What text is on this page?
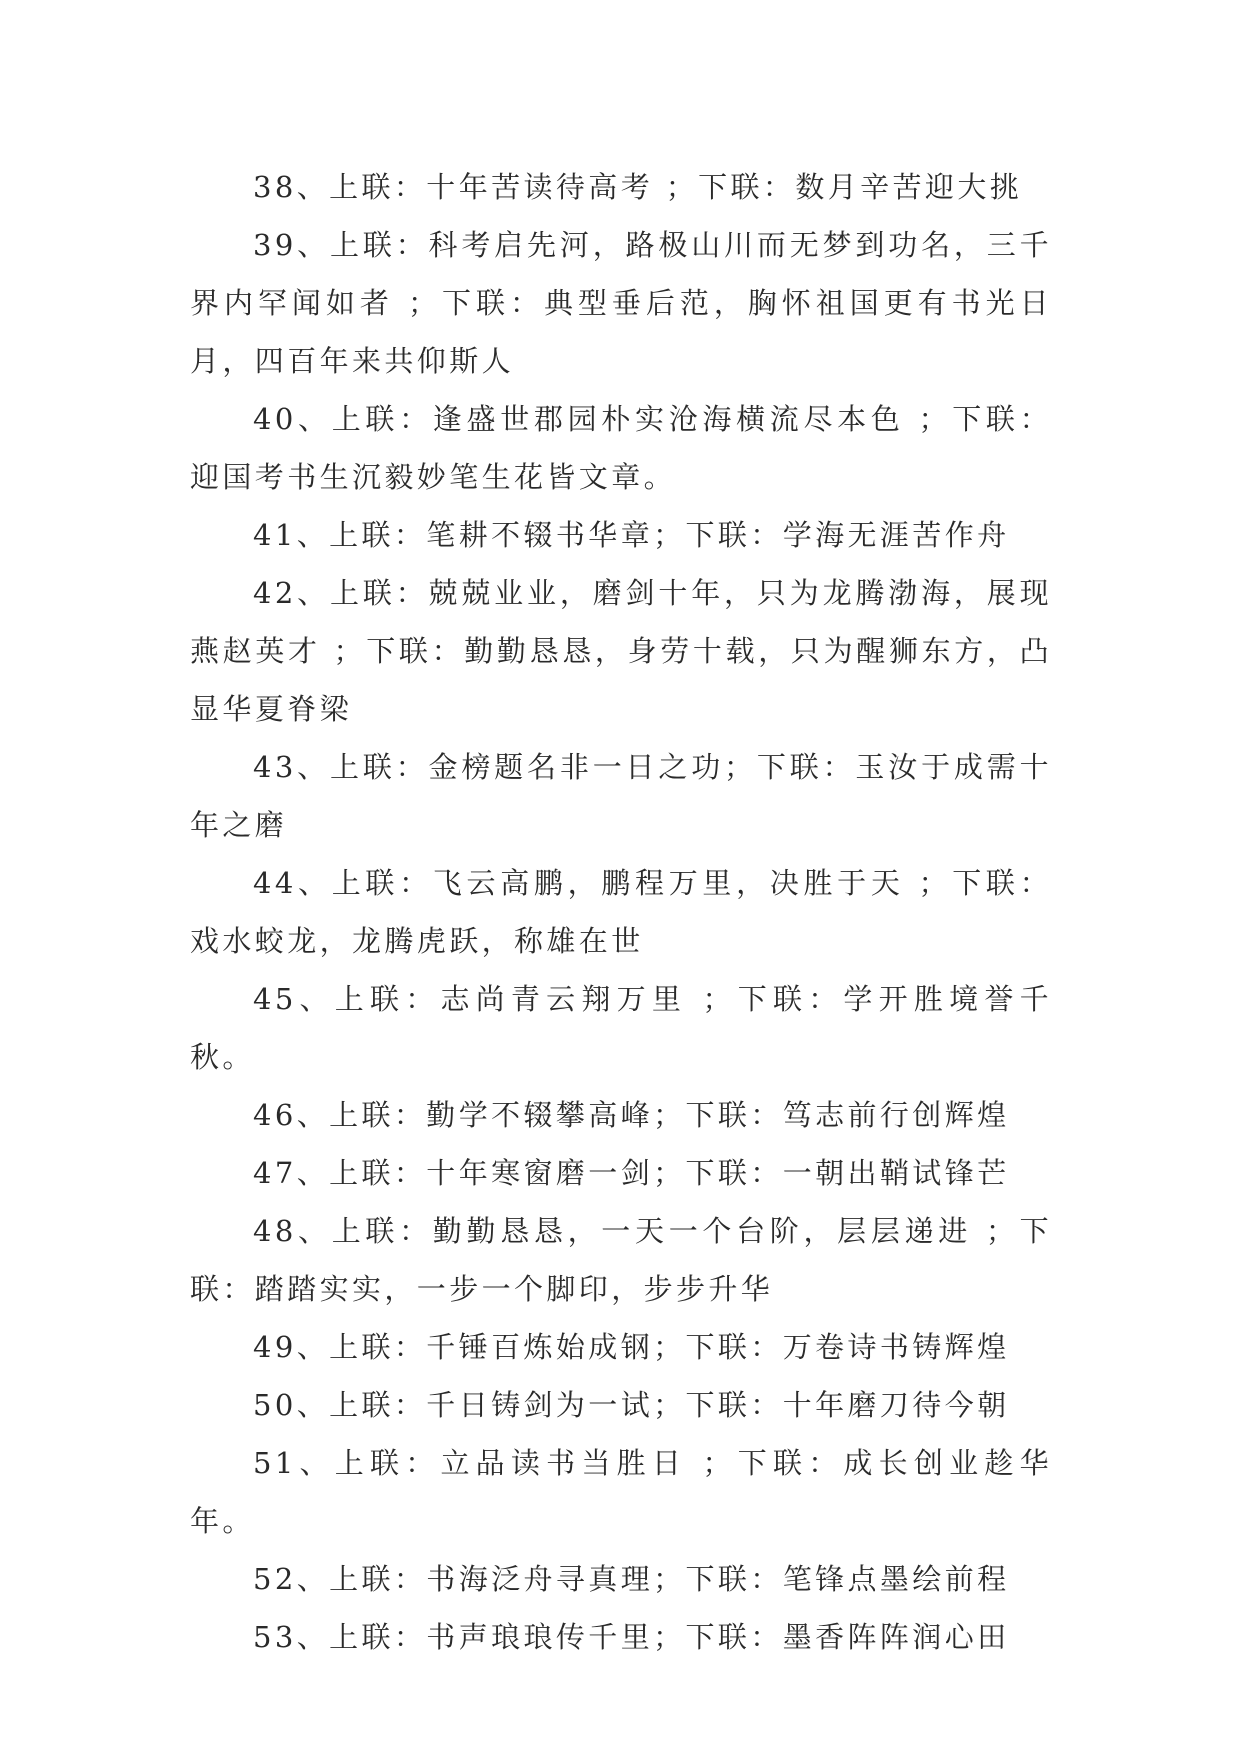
38、上联：十年苦读待高考 ；下联：数月辛苦迎大挑

39、上联：科考启先河，路极山川而无梦到功名，三千界内罕闻如者 ；下联：典型垂后范，胸怀祖国更有书光日月，四百年来共仰斯人

40、上联：逢盛世郡园朴实沧海横流尽本色 ；下联：迎国考书生沉毅妙笔生花皆文章。

41、上联：笔耕不辍书华章；下联：学海无涯苦作舟

42、上联：兢兢业业，磨剑十年，只为龙腾渤海，展现燕赵英才 ；下联：勤勤恳恳，身劳十载，只为醒狮东方，凸显华夏脊梁

43、上联：金榜题名非一日之功；下联：玉汝于成需十年之磨

44、上联：飞云高鹏，鹏程万里，决胜于天 ；下联：戏水蛟龙，龙腾虎跃，称雄在世

45、上联：志尚青云翔万里 ；下联：学开胜境誉千秋。

46、上联：勤学不辍攀高峰；下联：笃志前行创辉煌

47、上联：十年寒窗磨一剑；下联：一朝出鞘试锋芒

48、上联：勤勤恳恳，一天一个台阶，层层递进 ；下联：踏踏实实，一步一个脚印，步步升华

49、上联：千锤百炼始成钢；下联：万卷诗书铸辉煌

50、上联：千日铸剑为一试；下联：十年磨刀待今朝

51、上联：立品读书当胜日 ；下联：成长创业趁华年。

52、上联：书海泛舟寻真理；下联：笔锋点墨绘前程

53、上联：书声琅琅传千里；下联：墨香阵阵润心田
